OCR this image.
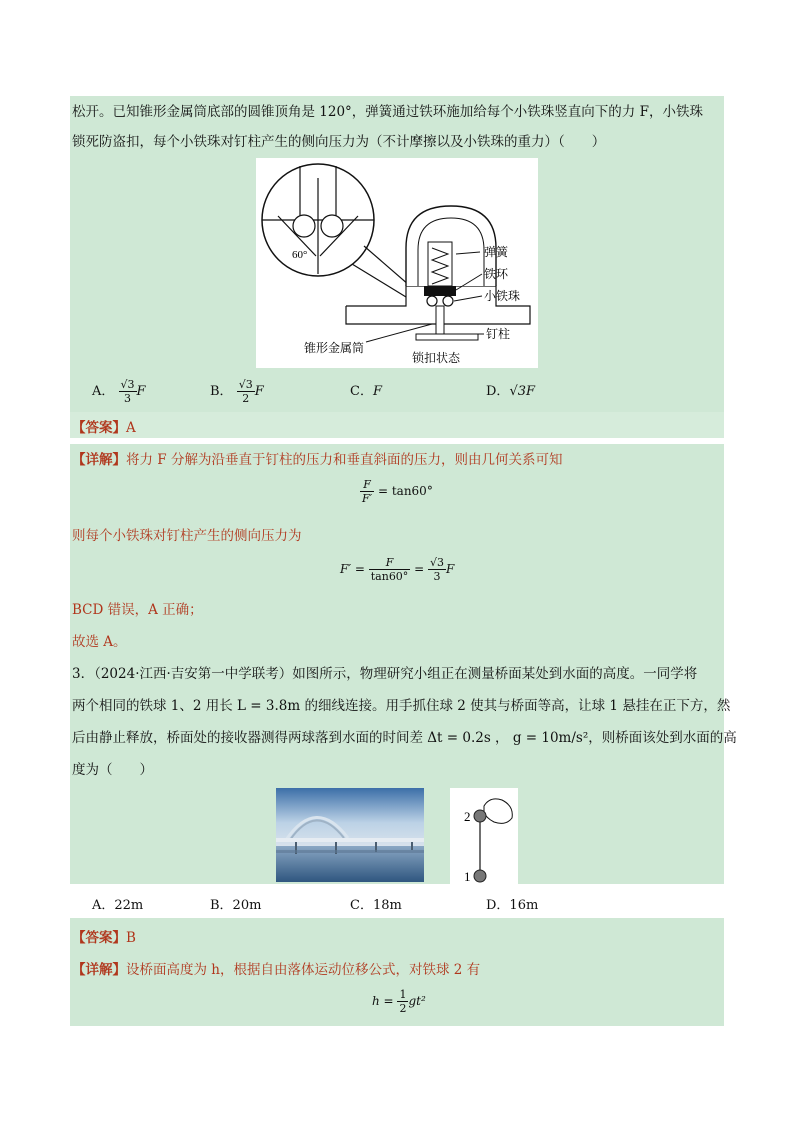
松开。已知锥形金属筒底部的圆锥顶角是 120°，弹簧通过铁环施加给每个小铁珠竖直向下的力 F，小铁珠
锁死防盗扣，每个小铁珠对钉柱产生的侧向压力为（不计摩擦以及小铁珠的重力）（　　）
60°	弹簧
铁环
小铁珠
钉柱
锥形金属筒
锁扣状态
A． $\frac{√3}{3}$ F	B． $\frac{√3}{2}$ F	C．F	D．√3F
【答案】A
【详解】将力 F 分解为沿垂直于钉柱的压力和垂直斜面的压力，则由几何关系可知
$\frac{F}{F'} = \tan 60^\circ$
则每个小铁珠对钉柱产生的侧向压力为
$F' = \frac{F}{\tan 60^\circ} = \frac{√3}{3}$ F
BCD 错误，A 正确；
故选 A。
3．（2024·江西·吉安第一中学联考）如图所示，物理研究小组正在测量桥面某处到水面的高度。一同学将
两个相同的铁球 1、2 用长 L = 3.8m 的细线连接。用手抓住球 2 使其与桥面等高，让球 1 悬挂在正下方，然
后由静止释放，桥面处的接收器测得两球落到水面的时间差 Δt = 0.2s ， g = 10m/s²，则桥面该处到水面的高
度为（　　）
2
1
A．22m	B．20m	C．18m	D．16m
【答案】B
【详解】设桥面高度为 h，根据自由落体运动位移公式，对铁球 2 有
$h = \frac{1}{2} gt^2$
